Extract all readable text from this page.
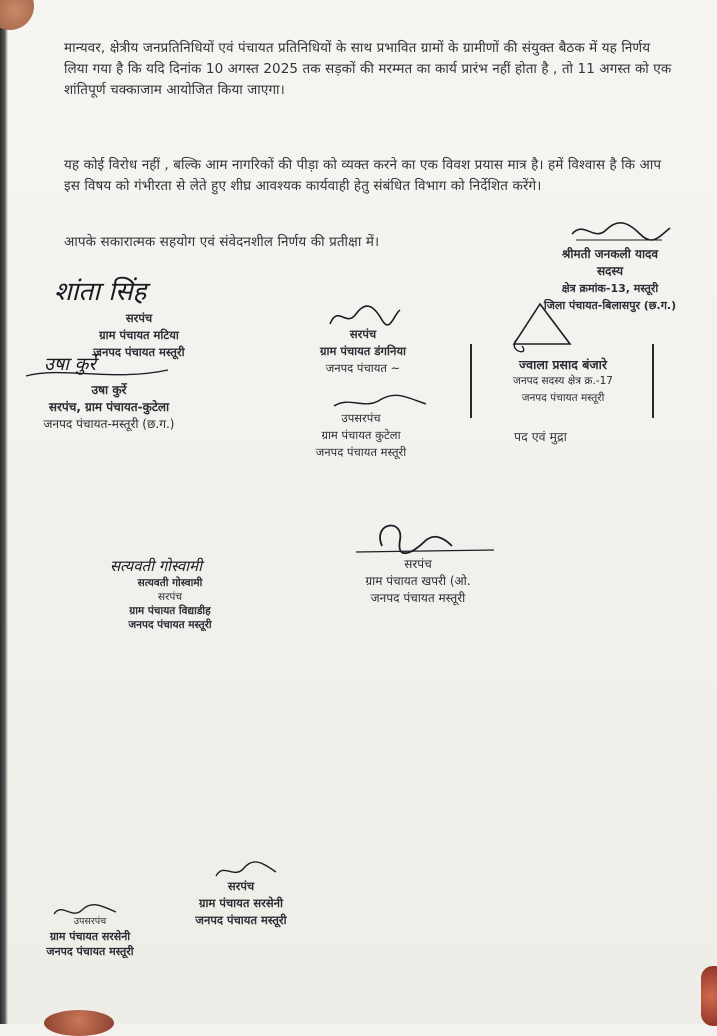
मान्यवर, क्षेत्रीय जनप्रतिनिधियों एवं पंचायत प्रतिनिधियों के साथ प्रभावित ग्रामों के ग्रामीणों की संयुक्त बैठक में यह निर्णय लिया गया है कि यदि दिनांक 10 अगस्त 2025 तक सड़कों की मरम्मत का कार्य प्रारंभ नहीं होता है , तो 11 अगस्त को एक शांतिपूर्ण चक्काजाम आयोजित किया जाएगा।

यह कोई विरोध नहीं , बल्कि आम नागरिकों की पीड़ा को व्यक्त करने का एक विवश प्रयास मात्र है। हमें विश्वास है कि आप इस विषय को गंभीरता से लेते हुए शीघ्र आवश्यक कार्यवाही हेतु संबंधित विभाग को निर्देशित करेंगे।

आपके सकारात्मक सहयोग एवं संवेदनशील निर्णय की प्रतीक्षा में।

श्रीमती जनकली यादव
सदस्य
क्षेत्र क्रमांक-13, मस्तूरी
जिला पंचायत-बिलासपुर (छ.ग.)
शांता सिंह
सरपंच
ग्राम पंचायत मटिया
जनपद पंचायत मस्तूरी
उषा कुर्रे
उषा कुर्रे
सरपंच, ग्राम पंचायत-कुटेला
जनपद पंचायत-मस्तूरी (छ.ग.)
सरपंच
ग्राम पंचायत डंगनिया
जनपद पंचायत ~
उपसरपंच
ग्राम पंचायत कुटेला
जनपद पंचायत मस्तूरी
ज्वाला प्रसाद बंजारे
जनपद सदस्य क्षेत्र क्र.-17
जनपद पंचायत मस्तूरी
पद एवं मुद्रा
सत्यवती गोस्वामी
सत्यवती गोस्वामी
सरपंच
ग्राम पंचायत विद्याडीह
जनपद पंचायत मस्तूरी
सरपंच
ग्राम पंचायत खपरी (ओ.
जनपद पंचायत मस्तूरी
उपसरपंच
ग्राम पंचायत सरसेनी
जनपद पंचायत मस्तूरी
सरपंच
ग्राम पंचायत सरसेनी
जनपद पंचायत मस्तूरी
